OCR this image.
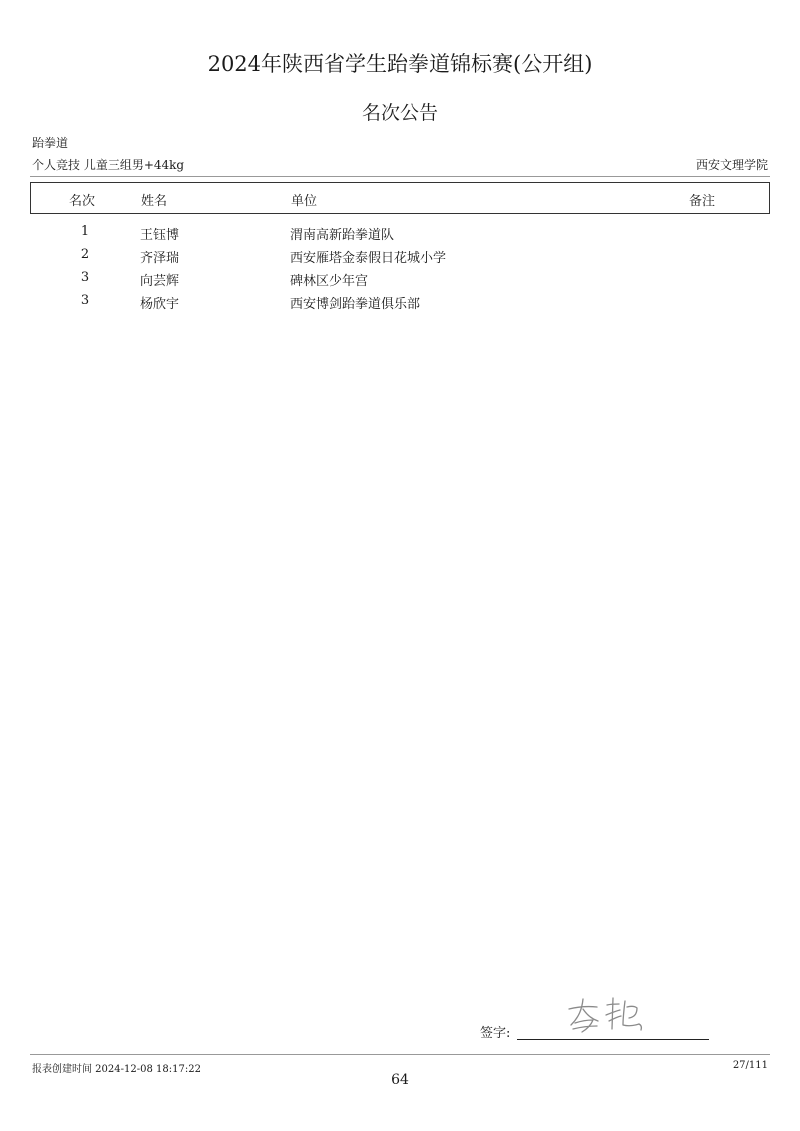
2024年陕西省学生跆拳道锦标赛(公开组)
名次公告
跆拳道
个人竞技 儿童三组男+44kg	西安文理学院
名次	姓名	单位	备注
1	王钰博	渭南高新跆拳道队
2	齐泽瑞	西安雁塔金泰假日花城小学
3	向芸辉	碑林区少年宫
3	杨欣宇	西安博剑跆拳道俱乐部
签字:
报表创建时间 2024-12-08 18:17:22	27/111
64
